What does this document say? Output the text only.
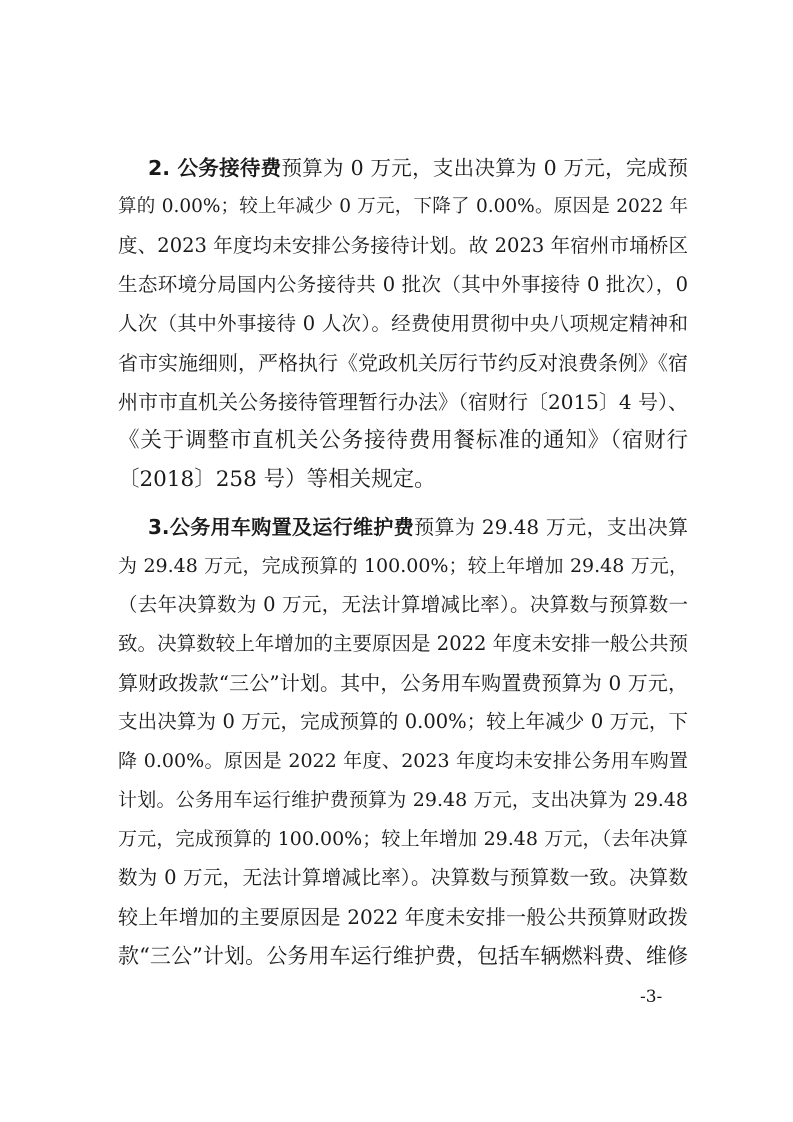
2. 公务接待费预算为 0 万元，支出决算为 0 万元，完成预
算的 0.00%；较上年减少 0 万元，下降了 0.00%。原因是 2022 年
度、2023 年度均未安排公务接待计划。故 2023 年宿州市埇桥区
生态环境分局国内公务接待共 0 批次（其中外事接待 0 批次），0
人次（其中外事接待 0 人次）。经费使用贯彻中央八项规定精神和
省市实施细则，严格执行《党政机关厉行节约反对浪费条例》《宿
州市市直机关公务接待管理暂行办法》（宿财行〔2015〕4 号）、
《关于调整市直机关公务接待费用餐标准的通知》（宿财行
〔2018〕258 号）等相关规定。
3.公务用车购置及运行维护费预算为 29.48 万元，支出决算
为 29.48 万元，完成预算的 100.00%；较上年增加 29.48 万元，
（去年决算数为 0 万元，无法计算增减比率）。决算数与预算数一
致。决算数较上年增加的主要原因是 2022 年度未安排一般公共预
算财政拨款“三公”计划。其中，公务用车购置费预算为 0 万元，
支出决算为 0 万元，完成预算的 0.00%；较上年减少 0 万元，下
降 0.00%。原因是 2022 年度、2023 年度均未安排公务用车购置
计划。公务用车运行维护费预算为 29.48 万元，支出决算为 29.48
万元，完成预算的 100.00%；较上年增加 29.48 万元，（去年决算
数为 0 万元，无法计算增减比率）。决算数与预算数一致。决算数
较上年增加的主要原因是 2022 年度未安排一般公共预算财政拨
款“三公”计划。公务用车运行维护费，包括车辆燃料费、维修
-3-
